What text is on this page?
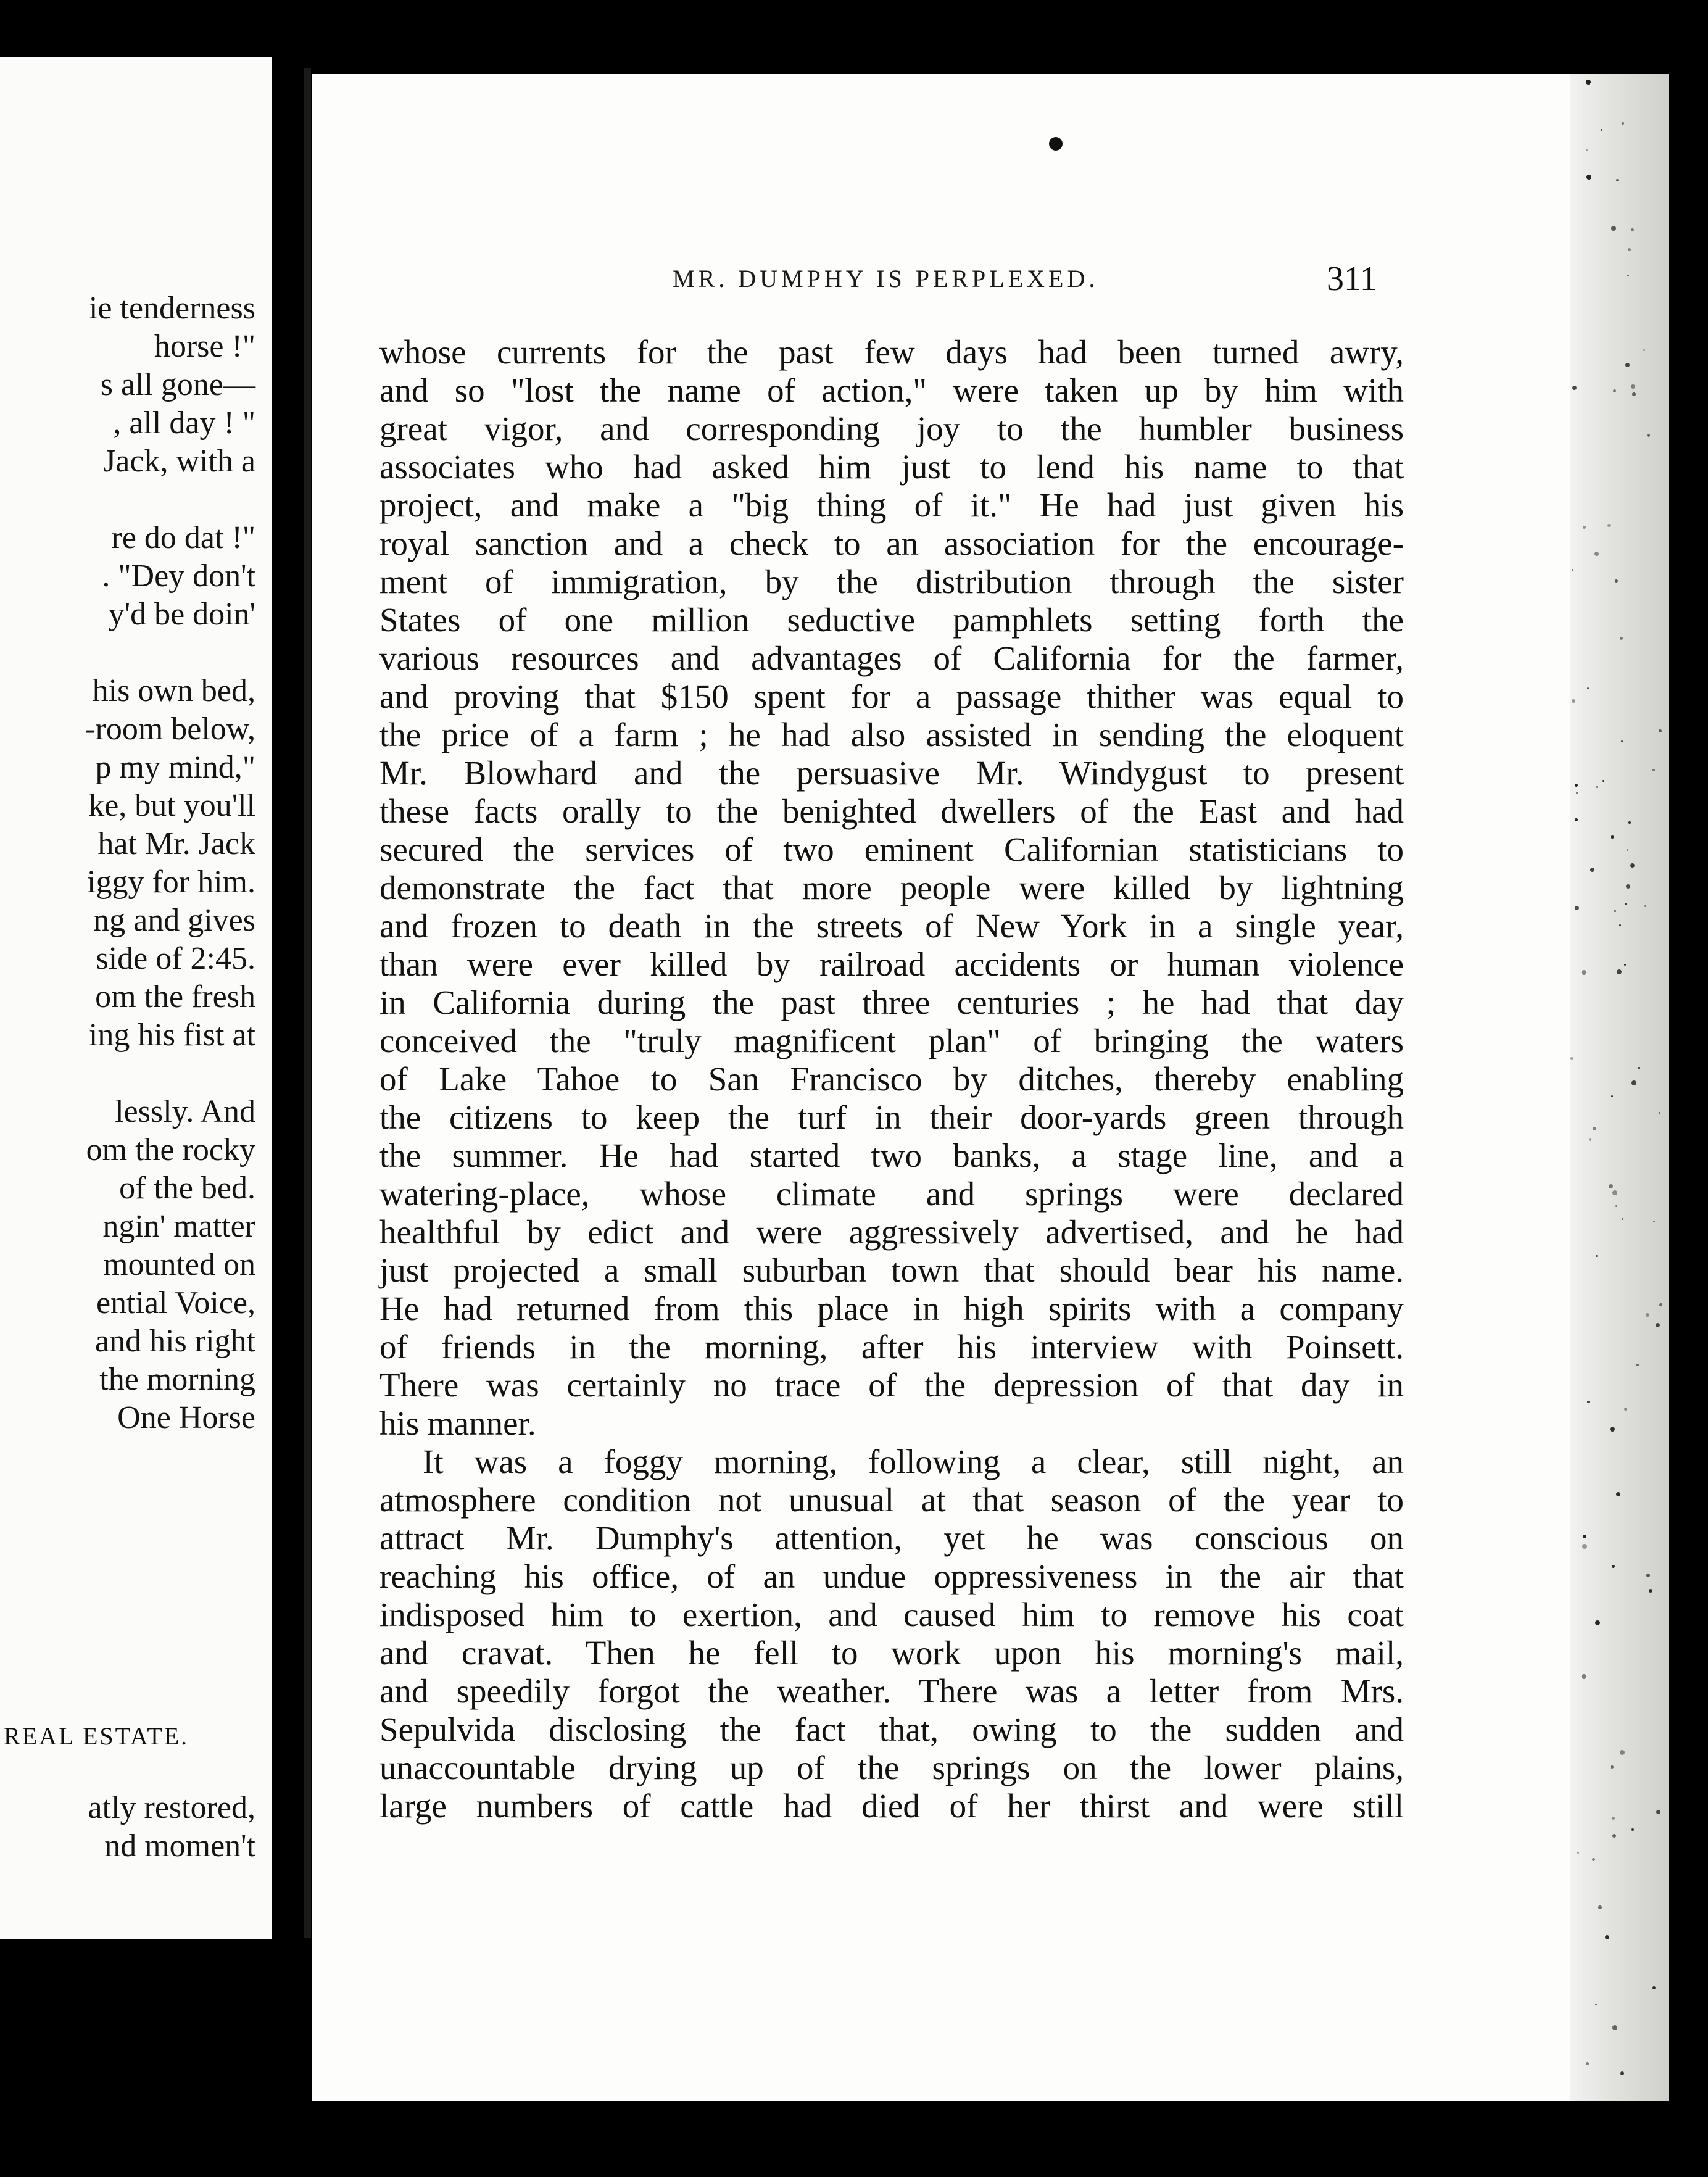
ie tenderness
horse !"
s all gone—
, all day ! "
Jack, with a
re do dat !"
. "Dey don't
y'd be doin'
his own bed,
-room below,
p my mind,"
ke, but you'll
hat Mr. Jack
iggy for him.
ng and gives
side of 2:45.
om the fresh
ing his fist at
lessly. And
om the rocky
of the bed.
ngin' matter
mounted on
ential Voice,
and his right
the morning
One Horse
REAL ESTATE.
atly restored,
nd momen't
MR. DUMPHY IS PERPLEXED.	311
whose currents for the past few days had been turned awry,
and so "lost the name of action," were taken up by him with
great vigor, and corresponding joy to the humbler business
associates who had asked him just to lend his name to that
project, and make a "big thing of it." He had just given his
royal sanction and a check to an association for the encourage-
ment of immigration, by the distribution through the sister
States of one million seductive pamphlets setting forth the
various resources and advantages of California for the farmer,
and proving that $150 spent for a passage thither was equal to
the price of a farm ; he had also assisted in sending the eloquent
Mr. Blowhard and the persuasive Mr. Windygust to present
these facts orally to the benighted dwellers of the East and had
secured the services of two eminent Californian statisticians to
demonstrate the fact that more people were killed by lightning
and frozen to death in the streets of New York in a single year,
than were ever killed by railroad accidents or human violence
in California during the past three centuries ; he had that day
conceived the "truly magnificent plan" of bringing the waters
of Lake Tahoe to San Francisco by ditches, thereby enabling
the citizens to keep the turf in their door-yards green through
the summer. He had started two banks, a stage line, and a
watering-place, whose climate and springs were declared
healthful by edict and were aggressively advertised, and he had
just projected a small suburban town that should bear his name.
He had returned from this place in high spirits with a company
of friends in the morning, after his interview with Poinsett.
There was certainly no trace of the depression of that day in
his manner.
It was a foggy morning, following a clear, still night, an
atmosphere condition not unusual at that season of the year to
attract Mr. Dumphy's attention, yet he was conscious on
reaching his office, of an undue oppressiveness in the air that
indisposed him to exertion, and caused him to remove his coat
and cravat. Then he fell to work upon his morning's mail,
and speedily forgot the weather. There was a letter from Mrs.
Sepulvida disclosing the fact that, owing to the sudden and
unaccountable drying up of the springs on the lower plains,
large numbers of cattle had died of her thirst and were still
